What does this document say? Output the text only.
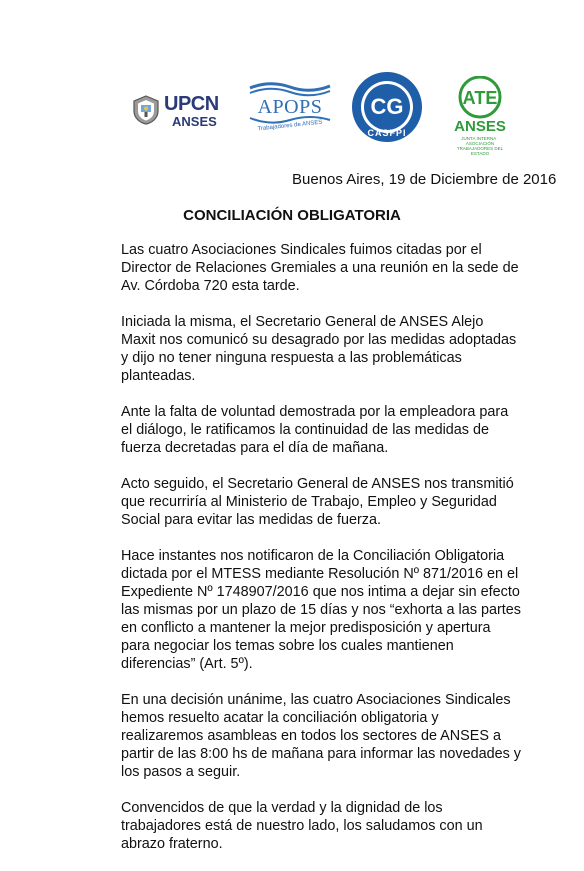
UPCN
ANSES
APOPS
Trabajadores de ANSES
CG
CASFPI
ATE
ANSES
JUNTA INTERNA · ASOCIACIÓN TRABAJADORES DEL ESTADO
Buenos Aires, 19 de Diciembre de 2016
CONCILIACIÓN OBLIGATORIA

Las cuatro Asociaciones Sindicales fuimos citadas por el Director de Relaciones Gremiales a una reunión en la sede de Av. Córdoba 720 esta tarde.

Iniciada la misma, el Secretario General de ANSES Alejo Maxit nos comunicó su desagrado por las medidas adoptadas y dijo no tener ninguna respuesta a las problemáticas planteadas.

Ante la falta de voluntad demostrada por la empleadora para el diálogo, le ratificamos la continuidad de las medidas de fuerza decretadas para el día de mañana.

Acto seguido, el Secretario General de ANSES nos transmitió que recurriría al Ministerio de Trabajo, Empleo y Seguridad Social para evitar las medidas de fuerza.

Hace instantes nos notificaron de la Conciliación Obligatoria dictada por el MTESS mediante Resolución Nº 871/2016 en el Expediente Nº 1748907/2016 que nos intima a dejar sin efecto las mismas por un plazo de 15 días y nos “exhorta a las partes en conflicto a mantener la mejor predisposición y apertura para negociar los temas sobre los cuales mantienen diferencias” (Art. 5º).

En una decisión unánime, las cuatro Asociaciones Sindicales hemos resuelto acatar la conciliación obligatoria y realizaremos asambleas en todos los sectores de ANSES a partir de las 8:00 hs de mañana para informar las novedades y los pasos a seguir.

Convencidos de que la verdad y la dignidad de los trabajadores está de nuestro lado, los saludamos con un abrazo fraterno.
